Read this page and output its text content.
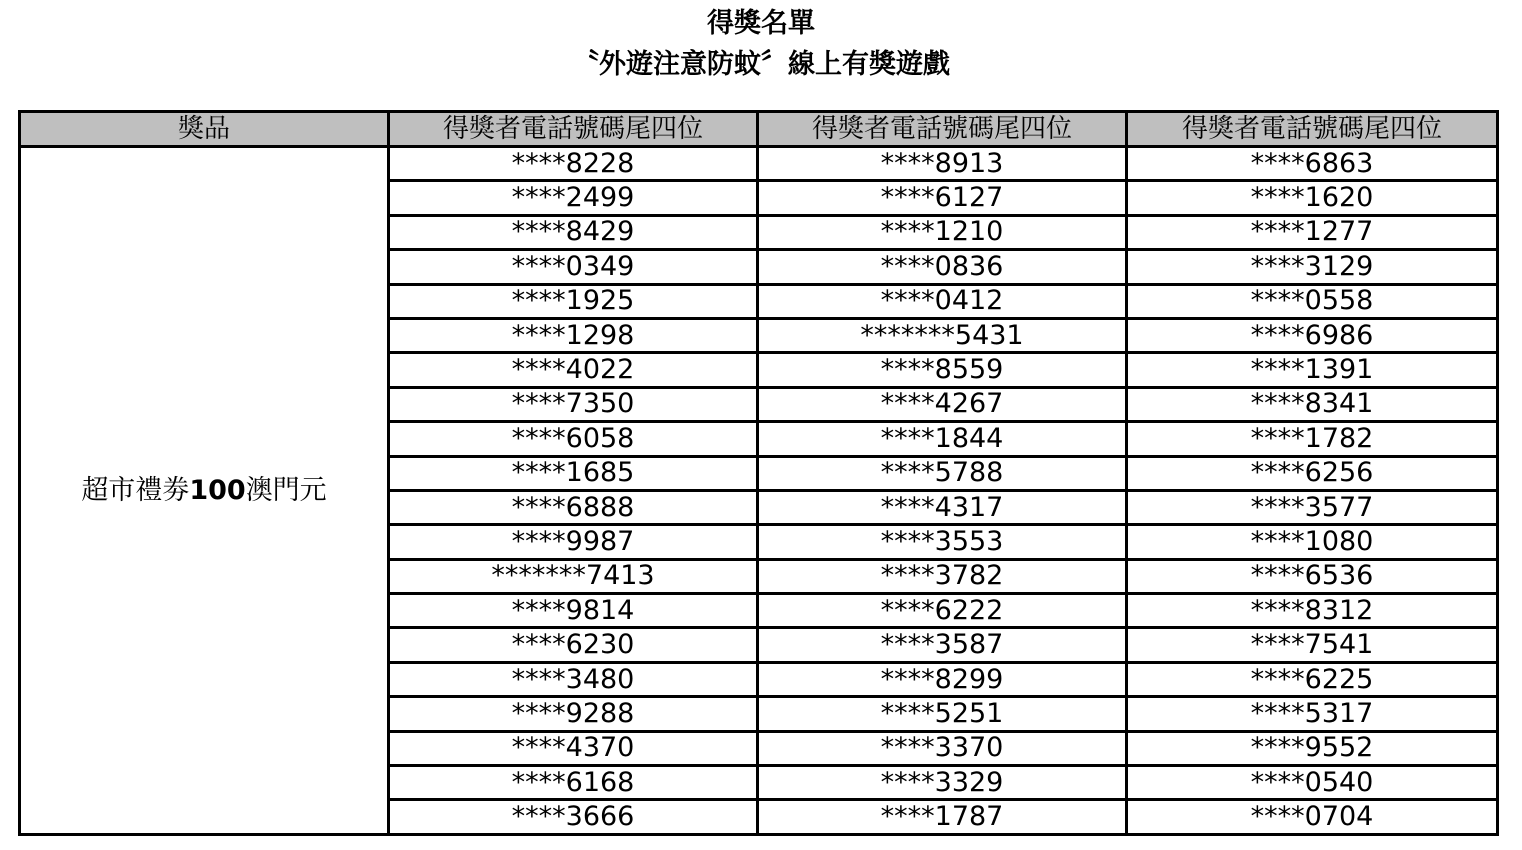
得獎名單
〝外遊注意防蚊〞線上有獎遊戲
獎品	得獎者電話號碼尾四位	得獎者電話號碼尾四位	得獎者電話號碼尾四位
超市禮劵100澳門元	****8228	****8913	****6863
	****2499	****6127	****1620
	****8429	****1210	****1277
	****0349	****0836	****3129
	****1925	****0412	****0558
	****1298	*******5431	****6986
	****4022	****8559	****1391
	****7350	****4267	****8341
	****6058	****1844	****1782
	****1685	****5788	****6256
	****6888	****4317	****3577
	****9987	****3553	****1080
	*******7413	****3782	****6536
	****9814	****6222	****8312
	****6230	****3587	****7541
	****3480	****8299	****6225
	****9288	****5251	****5317
	****4370	****3370	****9552
	****6168	****3329	****0540
	****3666	****1787	****0704
